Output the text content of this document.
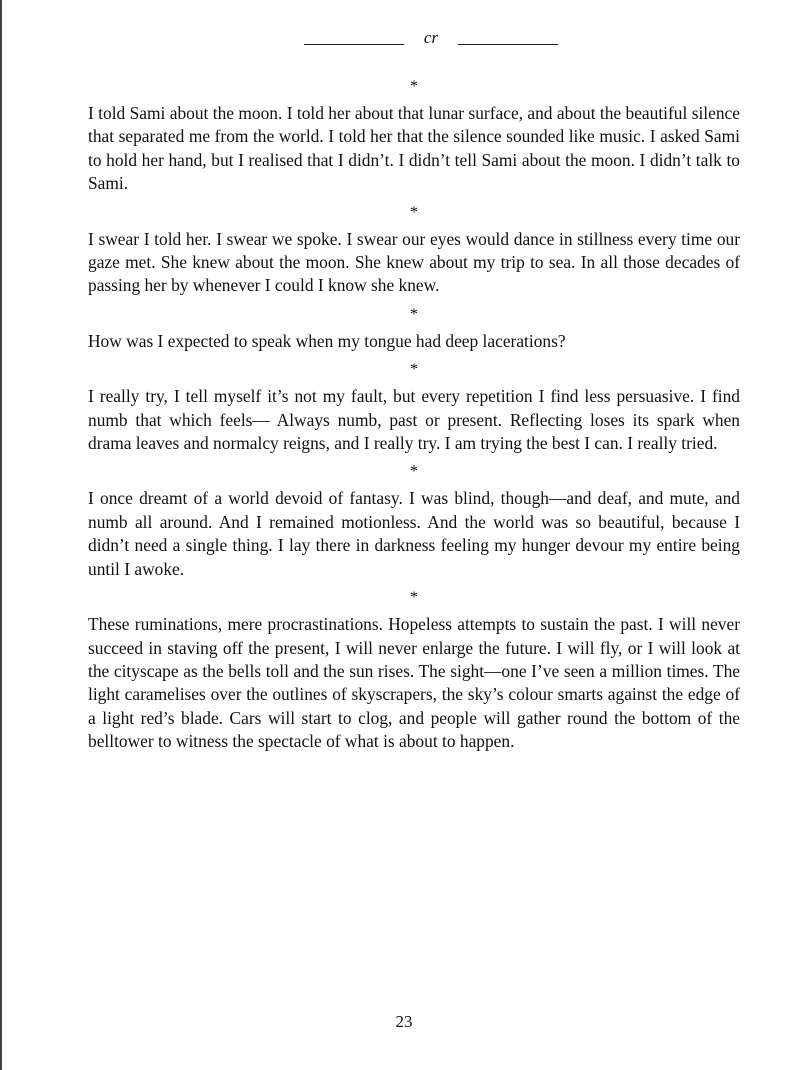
cr
*

I told Sami about the moon. I told her about that lunar surface, and about the beautiful silence that separated me from the world. I told her that the silence sounded like music. I asked Sami to hold her hand, but I realised that I didn’t. I didn’t tell Sami about the moon. I didn’t talk to Sami.

*

I swear I told her. I swear we spoke. I swear our eyes would dance in stillness every time our gaze met. She knew about the moon. She knew about my trip to sea. In all those decades of passing her by whenever I could I know she knew.

*

How was I expected to speak when my tongue had deep lacerations?

*

I really try, I tell myself it’s not my fault, but every repetition I find less persuasive. I find numb that which feels— Always numb, past or present. Reflecting loses its spark when drama leaves and normalcy reigns, and I really try. I am trying the best I can. I really tried.

*

I once dreamt of a world devoid of fantasy. I was blind, though—and deaf, and mute, and numb all around. And I remained motionless. And the world was so beautiful, because I didn’t need a single thing. I lay there in darkness feeling my hunger devour my entire being until I awoke.

*

These ruminations, mere procrastinations. Hopeless attempts to sustain the past. I will never succeed in staving off the present, I will never enlarge the future. I will fly, or I will look at the cityscape as the bells toll and the sun rises. The sight—one I’ve seen a million times. The light caramelises over the outlines of skyscrapers, the sky’s colour smarts against the edge of a light red’s blade. Cars will start to clog, and people will gather round the bottom of the belltower to witness the spectacle of what is about to happen.

23
